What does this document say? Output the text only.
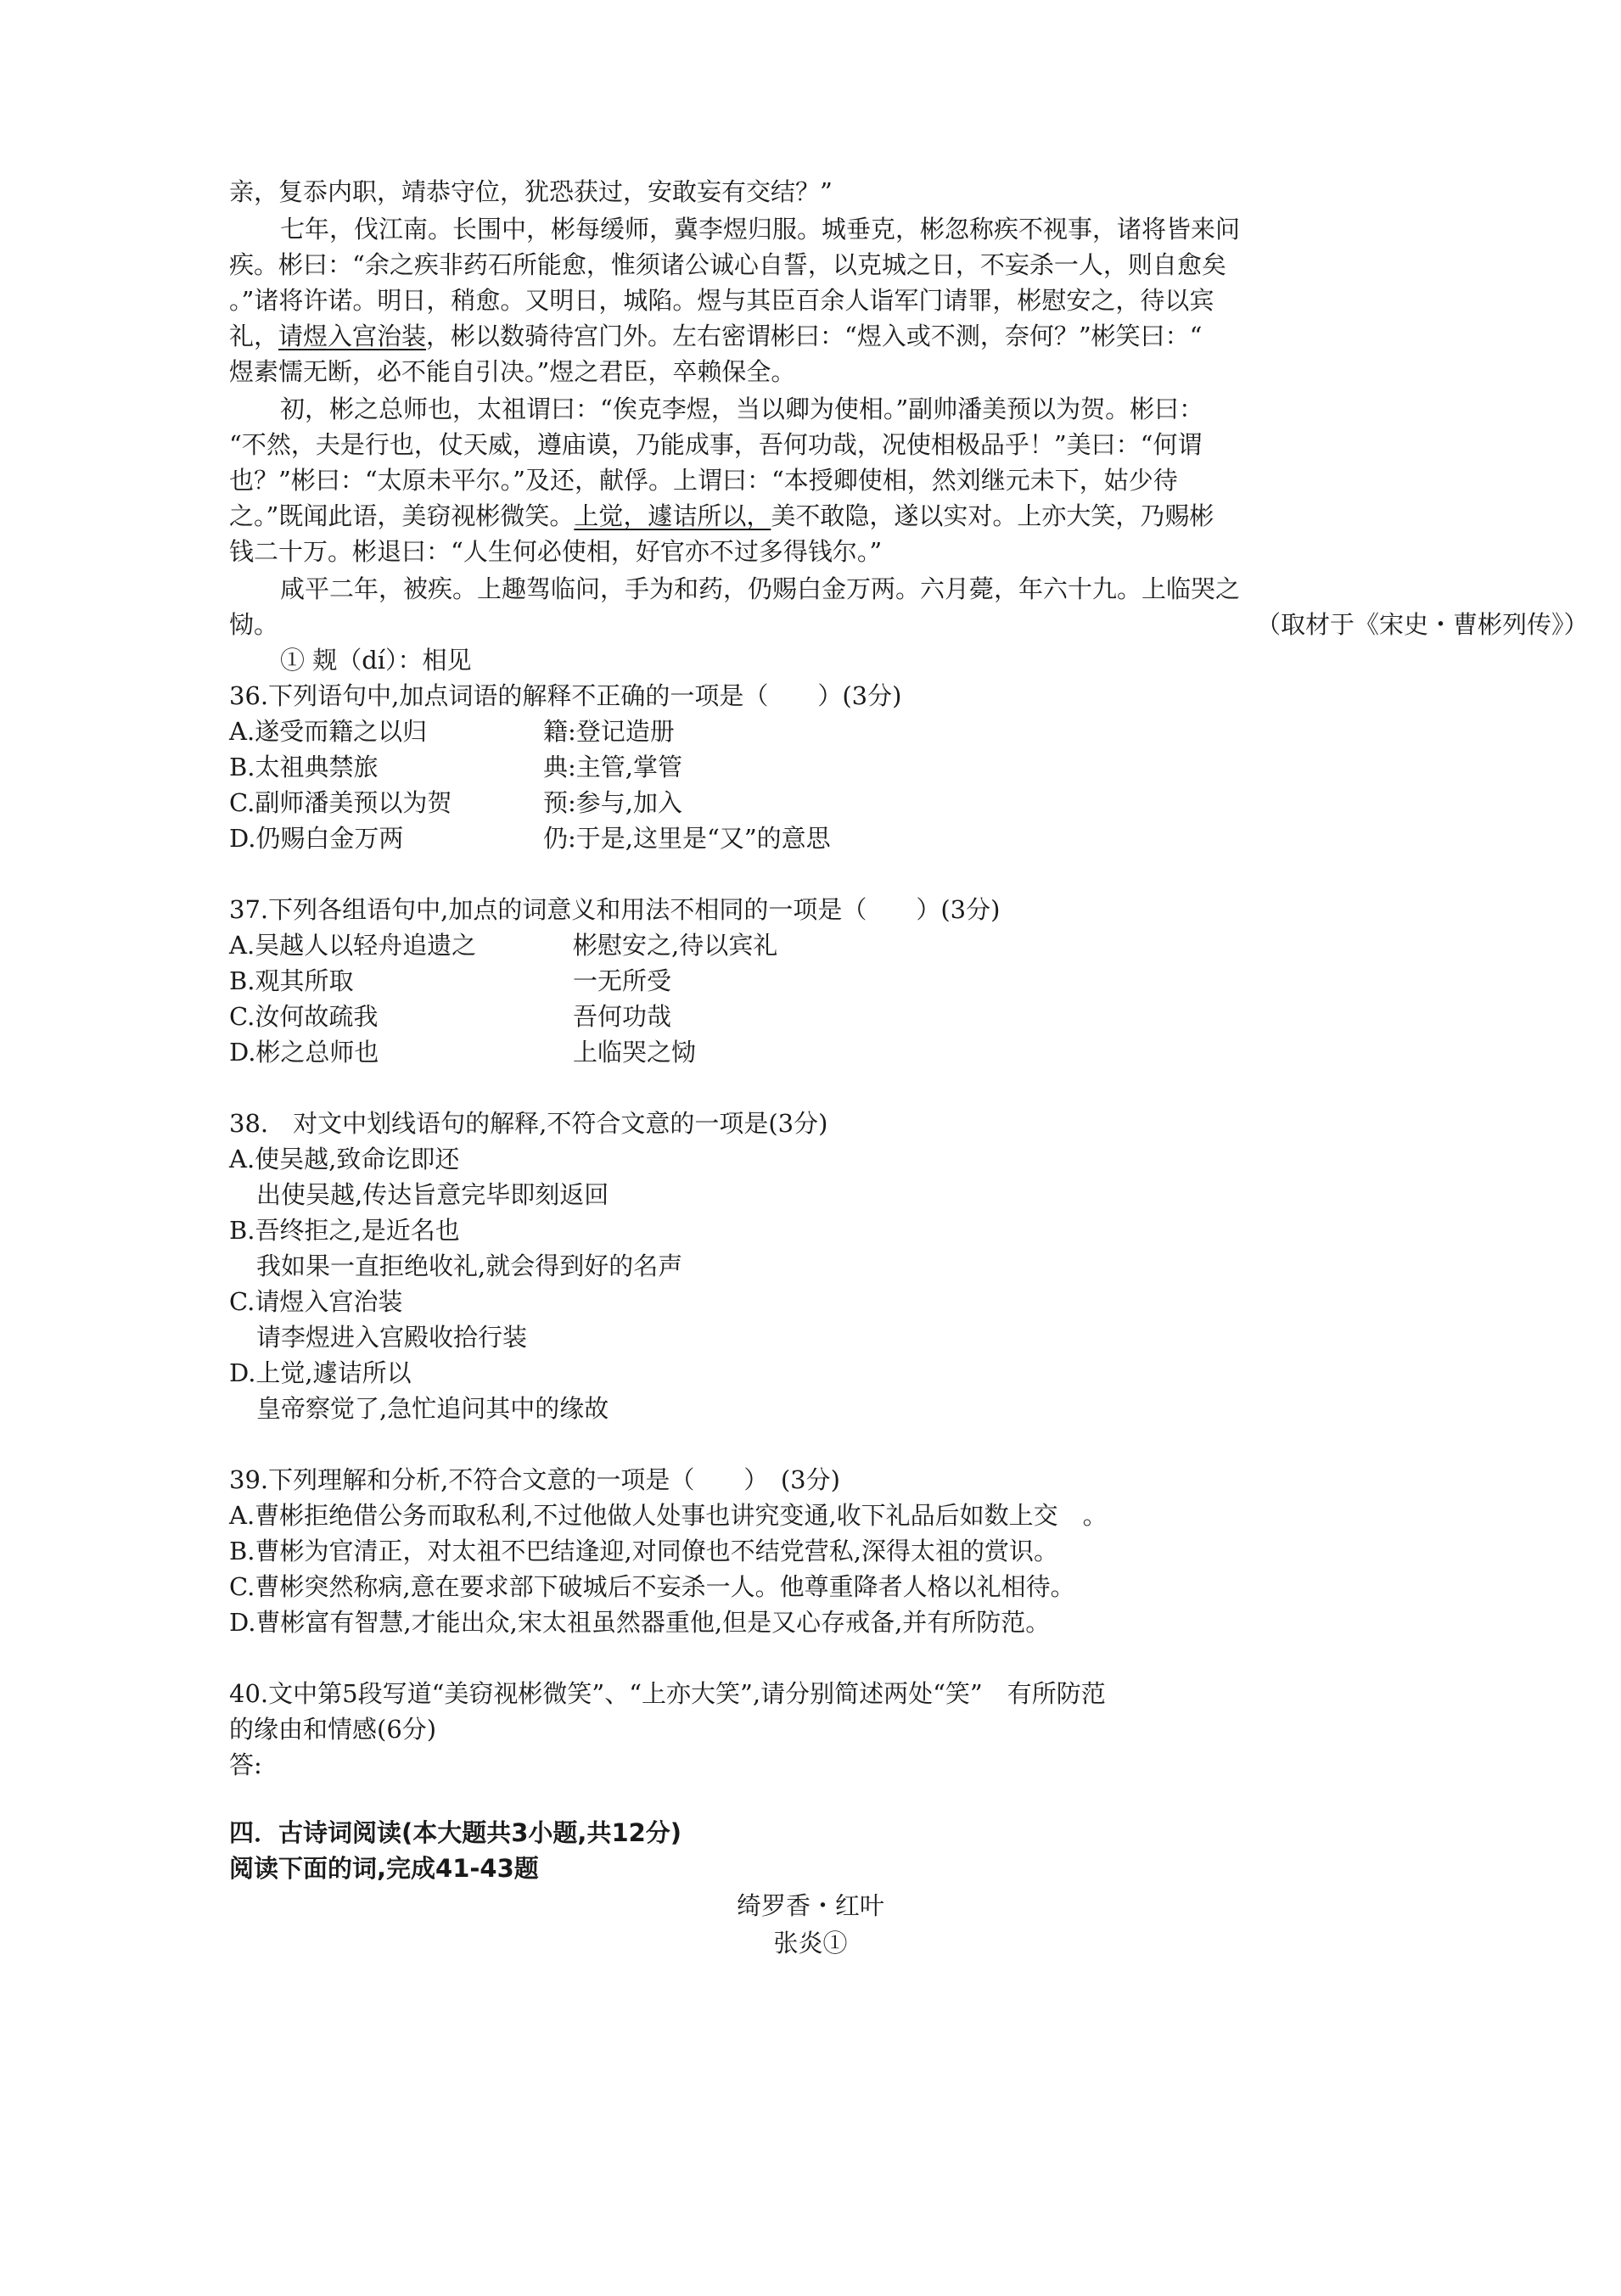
亲，复忝内职，靖恭守位，犹恐获过，安敢妄有交结？”
七年，伐江南。长围中，彬每缓师，冀李煜归服。城垂克，彬忽称疾不视事，诸将皆来问
疾。彬曰：“余之疾非药石所能愈，惟须诸公诚心自誓，以克城之日，不妄杀一人，则自愈矣
。”诸将许诺。明日，稍愈。又明日，城陷。煜与其臣百余人诣军门请罪，彬慰安之，待以宾
礼，请煜入宫治装，彬以数骑待宫门外。左右密谓彬曰：“煜入或不测，奈何？”彬笑曰：“
煜素懦无断，必不能自引决。”煜之君臣，卒赖保全。
初，彬之总师也，太祖谓曰：“俟克李煜，当以卿为使相。”副帅潘美预以为贺。彬曰：
“不然，夫是行也，仗天威，遵庙谟，乃能成事，吾何功哉，况使相极品乎！”美曰：“何谓
也？”彬曰：“太原未平尔。”及还，献俘。上谓曰：“本授卿使相，然刘继元未下，姑少待
之。”既闻此语，美窃视彬微笑。上觉，遽诘所以，美不敢隐，遂以实对。上亦大笑，乃赐彬
钱二十万。彬退曰：“人生何必使相，好官亦不过多得钱尔。”
咸平二年，被疾。上趣驾临问，手为和药，仍赐白金万两。六月薨，年六十九。上临哭之
恸。	（取材于《宋史・曹彬列传》）
① 觌（dí）：相见
36.下列语句中,加点词语的解释不正确的一项是（　　）(3分)
A.遂受而籍之以归	籍:登记造册
B.太祖典禁旅	典:主管,掌管
C.副师潘美预以为贺	预:参与,加入
D.仍赐白金万两	仍:于是,这里是“又”的意思
37.下列各组语句中,加点的词意义和用法不相同的一项是（　　）(3分)
A.吴越人以轻舟追遗之	彬慰安之,待以宾礼
B.观其所取	一无所受
C.汝何故疏我	吾何功哉
D.彬之总师也	上临哭之恸
38.　对文中划线语句的解释,不符合文意的一项是(3分)
A.使吴越,致命讫即还
出使吴越,传达旨意完毕即刻返回
B.吾终拒之,是近名也
我如果一直拒绝收礼,就会得到好的名声
C.请煜入宫治装
请李煜进入宫殿收拾行装
D.上觉,遽诘所以
皇帝察觉了,急忙追问其中的缘故
39.下列理解和分析,不符合文意的一项是（　　）　(3分)
A.曹彬拒绝借公务而取私利,不过他做人处事也讲究变通,收下礼品后如数上交　。
B.曹彬为官清正，对太祖不巴结逢迎,对同僚也不结党营私,深得太祖的赏识。
C.曹彬突然称病,意在要求部下破城后不妄杀一人。他尊重降者人格以礼相待。
D.曹彬富有智慧,才能出众,宋太祖虽然器重他,但是又心存戒备,并有所防范。
40.文中第5段写道“美窃视彬微笑”、“上亦大笑”,请分别简述两处“笑”　有所防范
的缘由和情感(6分)
答:
四．古诗词阅读(本大题共3小题,共12分)
阅读下面的词,完成41-43题
绮罗香・红叶
张炎①
